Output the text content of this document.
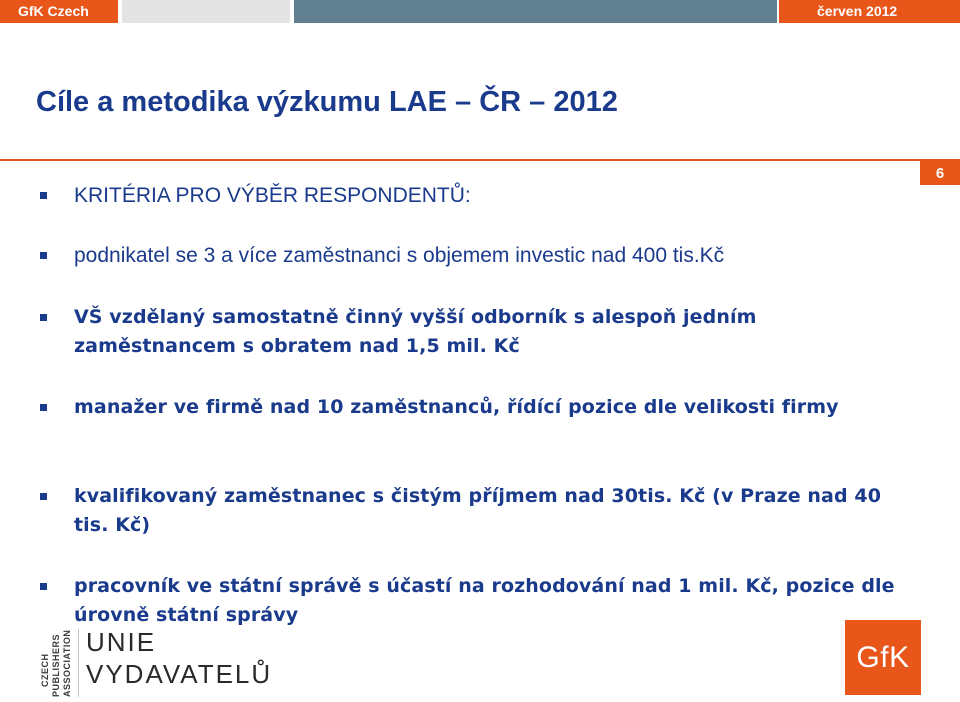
GfK Czech	červen 2012
Cíle a metodika výzkumu LAE – ČR – 2012
6
KRITÉRIA PRO VÝBĚR RESPONDENTŮ:
podnikatel se 3 a více zaměstnanci s objemem investic nad 400 tis.Kč
VŠ vzdělaný samostatně činný vyšší odborník s alespoň jedním zaměstnancem s obratem nad 1,5 mil. Kč
manažer ve firmě nad 10 zaměstnanců, řídící pozice dle velikosti firmy
kvalifikovaný zaměstnanec s čistým příjmem nad 30tis. Kč (v Praze nad 40 tis. Kč)
pracovník ve státní správě s účastí na rozhodování nad 1 mil. Kč, pozice dle úrovně státní správy
CZECH PUBLISHERS ASSOCIATION UNIE
VYDAVATELŮ
GfK
